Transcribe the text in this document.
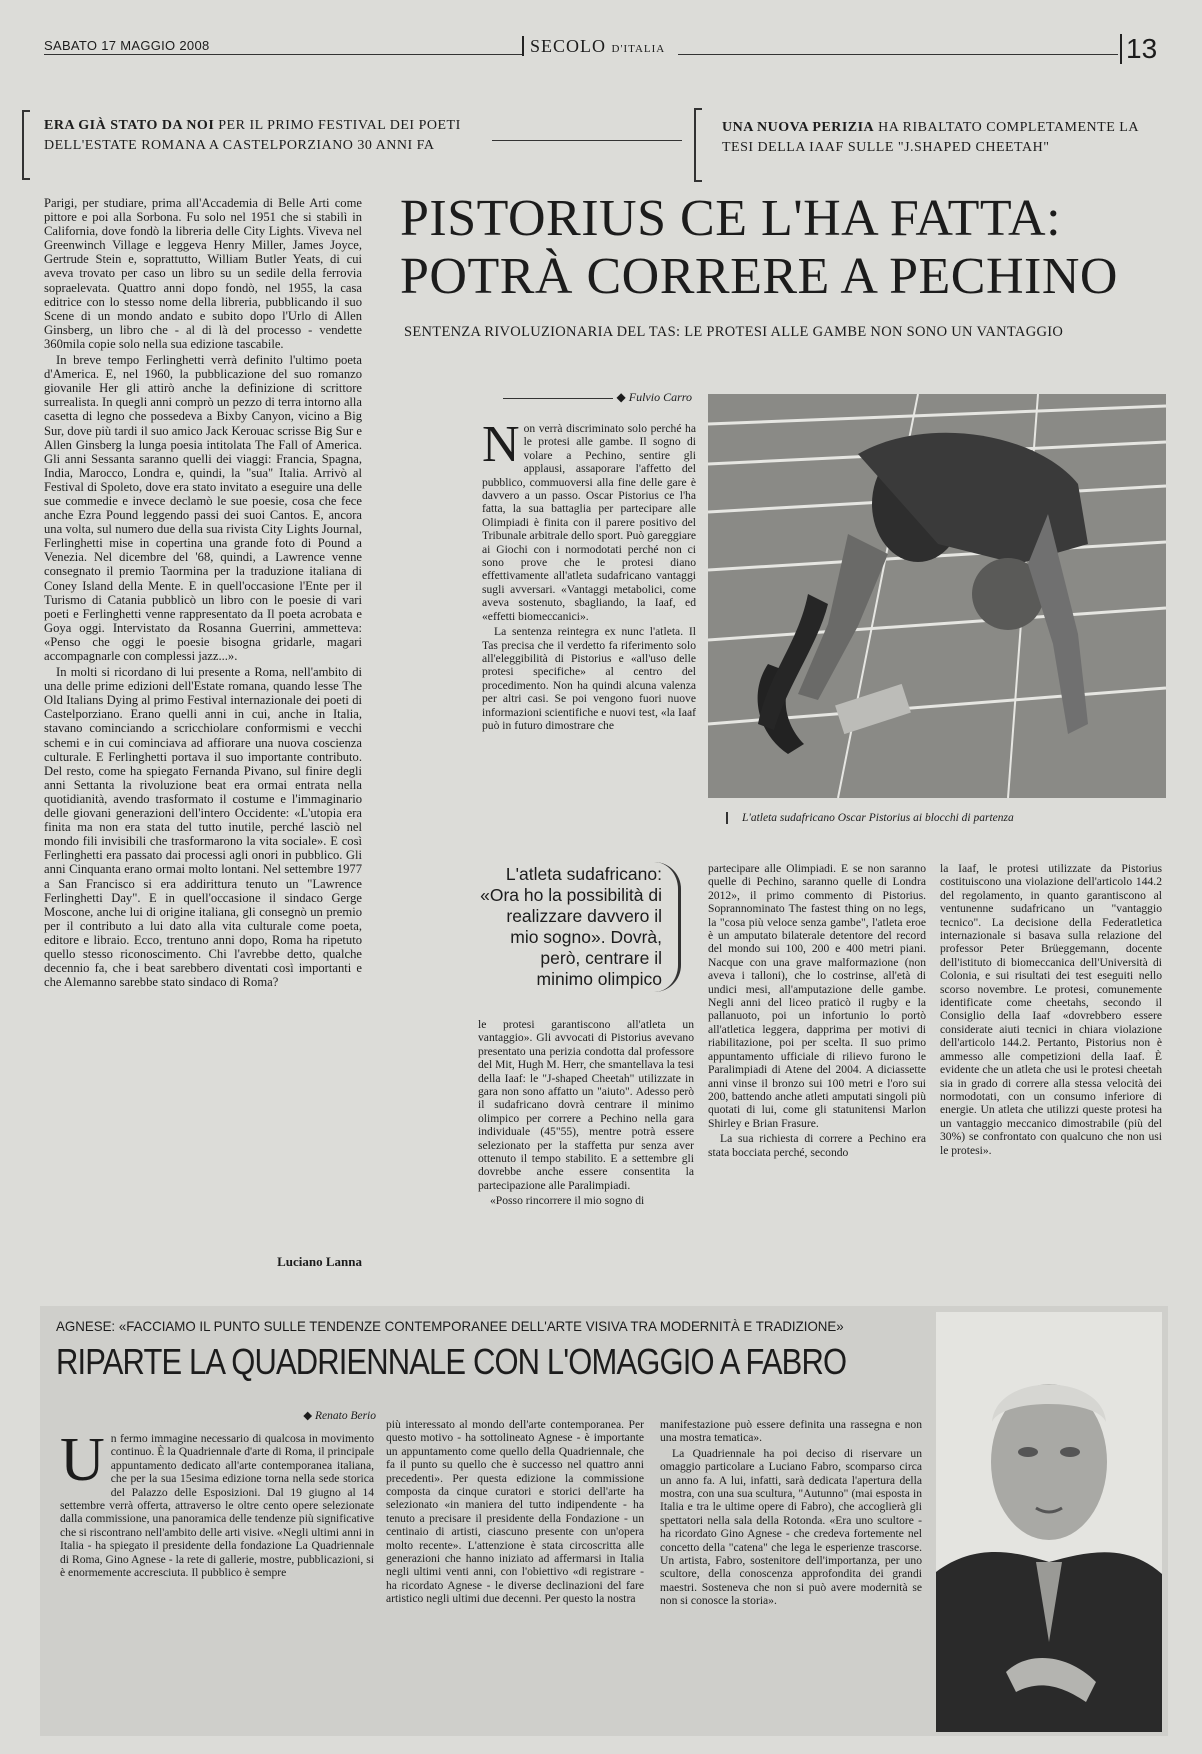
SABATO 17 MAGGIO 2008	SECOLO D'ITALIA	13
ERA GIÀ STATO DA NOI PER IL PRIMO FESTIVAL DEI POETI DELL'ESTATE ROMANA A CASTELPORZIANO 30 ANNI FA
UNA NUOVA PERIZIA HA RIBALTATO COMPLETAMENTE LA TESI DELLA IAAF SULLE "J.SHAPED CHEETAH"

Parigi, per studiare, prima all'Accademia di Belle Arti come pittore e poi alla Sorbona. Fu solo nel 1951 che si stabilì in California, dove fondò la libreria delle City Lights. Viveva nel Greenwinch Village e leggeva Henry Miller, James Joyce, Gertrude Stein e, soprattutto, William Butler Yeats, di cui aveva trovato per caso un libro su un sedile della ferrovia sopraelevata. Quattro anni dopo fondò, nel 1955, la casa editrice con lo stesso nome della libreria, pubblicando il suo Scene di un mondo andato e subito dopo l'Urlo di Allen Ginsberg, un libro che - al di là del processo - vendette 360mila copie solo nella sua edizione tascabile.

In breve tempo Ferlinghetti verrà definito l'ultimo poeta d'America. E, nel 1960, la pubblicazione del suo romanzo giovanile Her gli attirò anche la definizione di scrittore surrealista. In quegli anni comprò un pezzo di terra intorno alla casetta di legno che possedeva a Bixby Canyon, vicino a Big Sur, dove più tardi il suo amico Jack Kerouac scrisse Big Sur e Allen Ginsberg la lunga poesia intitolata The Fall of America. Gli anni Sessanta saranno quelli dei viaggi: Francia, Spagna, India, Marocco, Londra e, quindi, la "sua" Italia. Arrivò al Festival di Spoleto, dove era stato invitato a eseguire una delle sue commedie e invece declamò le sue poesie, cosa che fece anche Ezra Pound leggendo passi dei suoi Cantos. E, ancora una volta, sul numero due della sua rivista City Lights Journal, Ferlinghetti mise in copertina una grande foto di Pound a Venezia. Nel dicembre del '68, quindi, a Lawrence venne consegnato il premio Taormina per la traduzione italiana di Coney Island della Mente. E in quell'occasione l'Ente per il Turismo di Catania pubblicò un libro con le poesie di vari poeti e Ferlinghetti venne rappresentato da Il poeta acrobata e Goya oggi. Intervistato da Rosanna Guerrini, ammetteva: «Penso che oggi le poesie bisogna gridarle, magari accompagnarle con complessi jazz...».

In molti si ricordano di lui presente a Roma, nell'ambito di una delle prime edizioni dell'Estate romana, quando lesse The Old Italians Dying al primo Festival internazionale dei poeti di Castelporziano. Erano quelli anni in cui, anche in Italia, stavano cominciando a scricchiolare conformismi e vecchi schemi e in cui cominciava ad affiorare una nuova coscienza culturale. E Ferlinghetti portava il suo importante contributo. Del resto, come ha spiegato Fernanda Pivano, sul finire degli anni Settanta la rivoluzione beat era ormai entrata nella quotidianità, avendo trasformato il costume e l'immaginario delle giovani generazioni dell'intero Occidente: «L'utopia era finita ma non era stata del tutto inutile, perché lasciò nel mondo fili invisibili che trasformarono la vita sociale». E così Ferlinghetti era passato dai processi agli onori in pubblico. Gli anni Cinquanta erano ormai molto lontani. Nel settembre 1977 a San Francisco si era addirittura tenuto un "Lawrence Ferlinghetti Day". E in quell'occasione il sindaco Gerge Moscone, anche lui di origine italiana, gli consegnò un premio per il contributo a lui dato alla vita culturale come poeta, editore e libraio. Ecco, trentuno anni dopo, Roma ha ripetuto quello stesso riconoscimento. Chi l'avrebbe detto, qualche decennio fa, che i beat sarebbero diventati così importanti e che Alemanno sarebbe stato sindaco di Roma?

Luciano Lanna
PISTORIUS CE L'HA FATTA:
POTRÀ CORRERE A PECHINO
SENTENZA RIVOLUZIONARIA DEL TAS: LE PROTESI ALLE GAMBE NON SONO UN VANTAGGIO
◆ Fulvio Carro
N on verrà discriminato solo perché ha le protesi alle gambe. Il sogno di volare a Pechino, sentire gli applausi, assaporare l'affetto del pubblico, commuoversi alla fine delle gare è davvero a un passo. Oscar Pistorius ce l'ha fatta, la sua battaglia per partecipare alle Olimpiadi è finita con il parere positivo del Tribunale arbitrale dello sport. Può gareggiare ai Giochi con i normodotati perché non ci sono prove che le protesi diano effettivamente all'atleta sudafricano vantaggi sugli avversari. «Vantaggi metabolici, come aveva sostenuto, sbagliando, la Iaaf, ed «effetti biomeccanici».

La sentenza reintegra ex nunc l'atleta. Il Tas precisa che il verdetto fa riferimento solo all'eleggibilità di Pistorius e «all'uso delle protesi specifiche» al centro del procedimento. Non ha quindi alcuna valenza per altri casi. Se poi vengono fuori nuove informazioni scientifiche e nuovi test, «la Iaaf può in futuro dimostrare che

L'atleta sudafricano Oscar Pistorius ai blocchi di partenza
L'atleta sudafricano: «Ora ho la possibilità di realizzare davvero il mio sogno». Dovrà, però, centrare il minimo olimpico

le protesi garantiscono all'atleta un vantaggio». Gli avvocati di Pistorius avevano presentato una perizia condotta dal professore del Mit, Hugh M. Herr, che smantellava la tesi della Iaaf: le "J-shaped Cheetah" utilizzate in gara non sono affatto un "aiuto". Adesso però il sudafricano dovrà centrare il minimo olimpico per correre a Pechino nella gara individuale (45"55), mentre potrà essere selezionato per la staffetta pur senza aver ottenuto il tempo stabilito. E a settembre gli dovrebbe anche essere consentita la partecipazione alle Paralimpiadi.

«Posso rincorrere il mio sogno di

partecipare alle Olimpiadi. E se non saranno quelle di Pechino, saranno quelle di Londra 2012», il primo commento di Pistorius. Soprannominato The fastest thing on no legs, la "cosa più veloce senza gambe", l'atleta eroe è un amputato bilaterale detentore del record del mondo sui 100, 200 e 400 metri piani. Nacque con una grave malformazione (non aveva i talloni), che lo costrinse, all'età di undici mesi, all'amputazione delle gambe. Negli anni del liceo praticò il rugby e la pallanuoto, poi un infortunio lo portò all'atletica leggera, dapprima per motivi di riabilitazione, poi per scelta. Il suo primo appuntamento ufficiale di rilievo furono le Paralimpiadi di Atene del 2004. A diciassette anni vinse il bronzo sui 100 metri e l'oro sui 200, battendo anche atleti amputati singoli più quotati di lui, come gli statunitensi Marlon Shirley e Brian Frasure.

La sua richiesta di correre a Pechino era stata bocciata perché, secondo

la Iaaf, le protesi utilizzate da Pistorius costituiscono una violazione dell'articolo 144.2 del regolamento, in quanto garantiscono al ventunenne sudafricano un "vantaggio tecnico". La decisione della Federatletica internazionale si basava sulla relazione del professor Peter Brüeggemann, docente dell'istituto di biomeccanica dell'Università di Colonia, e sui risultati dei test eseguiti nello scorso novembre. Le protesi, comunemente identificate come cheetahs, secondo il Consiglio della Iaaf «dovrebbero essere considerate aiuti tecnici in chiara violazione dell'articolo 144.2. Pertanto, Pistorius non è ammesso alle competizioni della Iaaf. È evidente che un atleta che usi le protesi cheetah sia in grado di correre alla stessa velocità dei normodotati, con un consumo inferiore di energie. Un atleta che utilizzi queste protesi ha un vantaggio meccanico dimostrabile (più del 30%) se confrontato con qualcuno che non usi le protesi».

AGNESE: «FACCIAMO IL PUNTO SULLE TENDENZE CONTEMPORANEE DELL'ARTE VISIVA TRA MODERNITÀ E TRADIZIONE»
RIPARTE LA QUADRIENNALE CON L'OMAGGIO A FABRO
◆ Renato Berio
U n fermo immagine necessario di qualcosa in movimento continuo. È la Quadriennale d'arte di Roma, il principale appuntamento dedicato all'arte contemporanea italiana, che per la sua 15esima edizione torna nella sede storica del Palazzo delle Esposizioni. Dal 19 giugno al 14 settembre verrà offerta, attraverso le oltre cento opere selezionate dalla commissione, una panoramica delle tendenze più significative che si riscontrano nell'ambito delle arti visive. «Negli ultimi anni in Italia - ha spiegato il presidente della fondazione La Quadriennale di Roma, Gino Agnese - la rete di gallerie, mostre, pubblicazioni, si è enormemente accresciuta. Il pubblico è sempre

più interessato al mondo dell'arte contemporanea. Per questo motivo - ha sottolineato Agnese - è importante un appuntamento come quello della Quadriennale, che fa il punto su quello che è successo nel quattro anni precedenti». Per questa edizione la commissione composta da cinque curatori e storici dell'arte ha selezionato «in maniera del tutto indipendente - ha tenuto a precisare il presidente della Fondazione - un centinaio di artisti, ciascuno presente con un'opera molto recente». L'attenzione è stata circoscritta alle generazioni che hanno iniziato ad affermarsi in Italia negli ultimi venti anni, con l'obiettivo «di registrare - ha ricordato Agnese - le diverse declinazioni del fare artistico negli ultimi due decenni. Per questo la nostra

manifestazione può essere definita una rassegna e non una mostra tematica».

La Quadriennale ha poi deciso di riservare un omaggio particolare a Luciano Fabro, scomparso circa un anno fa. A lui, infatti, sarà dedicata l'apertura della mostra, con una sua scultura, "Autunno" (mai esposta in Italia e tra le ultime opere di Fabro), che accoglierà gli spettatori nella sala della Rotonda. «Era uno scultore - ha ricordato Gino Agnese - che credeva fortemente nel concetto della "catena" che lega le esperienze trascorse. Un artista, Fabro, sostenitore dell'importanza, per uno scultore, della conoscenza approfondita dei grandi maestri. Sosteneva che non si può avere modernità se non si conosce la storia».
